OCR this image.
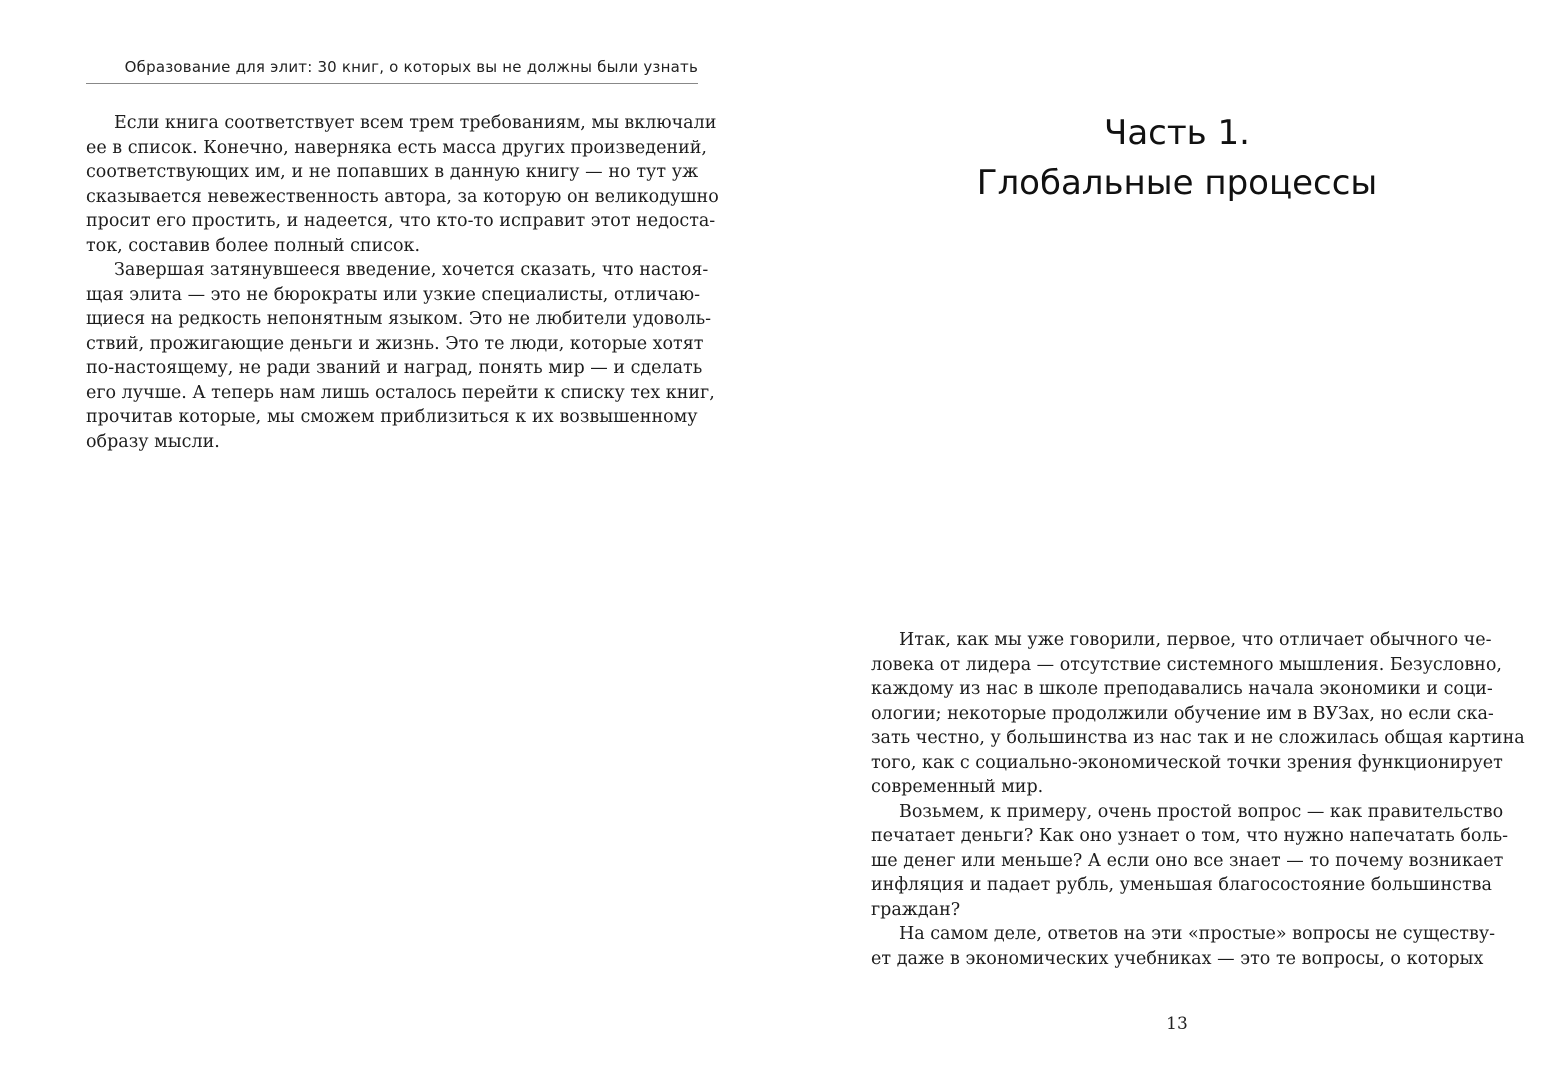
Образование для элит: 30 книг, о которых вы не должны были узнать
Если книга соответствует всем трем требованиям, мы включали
ее в список. Конечно, наверняка есть масса других произведений,
соответствующих им, и не попавших в данную книгу — но тут уж
сказывается невежественность автора, за которую он великодушно
просит его простить, и надеется, что кто-то исправит этот недоста-
ток, составив более полный список.
Завершая затянувшееся введение, хочется сказать, что настоя-
щая элита — это не бюрократы или узкие специалисты, отличаю-
щиеся на редкость непонятным языком. Это не любители удоволь-
ствий, прожигающие деньги и жизнь. Это те люди, которые хотят
по-настоящему, не ради званий и наград, понять мир — и сделать
его лучше. А теперь нам лишь осталось перейти к списку тех книг,
прочитав которые, мы сможем приблизиться к их возвышенному
образу мысли.
Часть 1.
Глобальные процессы
Итак, как мы уже говорили, первое, что отличает обычного че-
ловека от лидера — отсутствие системного мышления. Безусловно,
каждому из нас в школе преподавались начала экономики и соци-
ологии; некоторые продолжили обучение им в ВУЗах, но если ска-
зать честно, у большинства из нас так и не сложилась общая картина
того, как с социально-экономической точки зрения функционирует
современный мир.
Возьмем, к примеру, очень простой вопрос — как правительство
печатает деньги? Как оно узнает о том, что нужно напечатать боль-
ше денег или меньше? А если оно все знает — то почему возникает
инфляция и падает рубль, уменьшая благосостояние большинства
граждан?
На самом деле, ответов на эти «простые» вопросы не существу-
ет даже в экономических учебниках — это те вопросы, о которых
13
